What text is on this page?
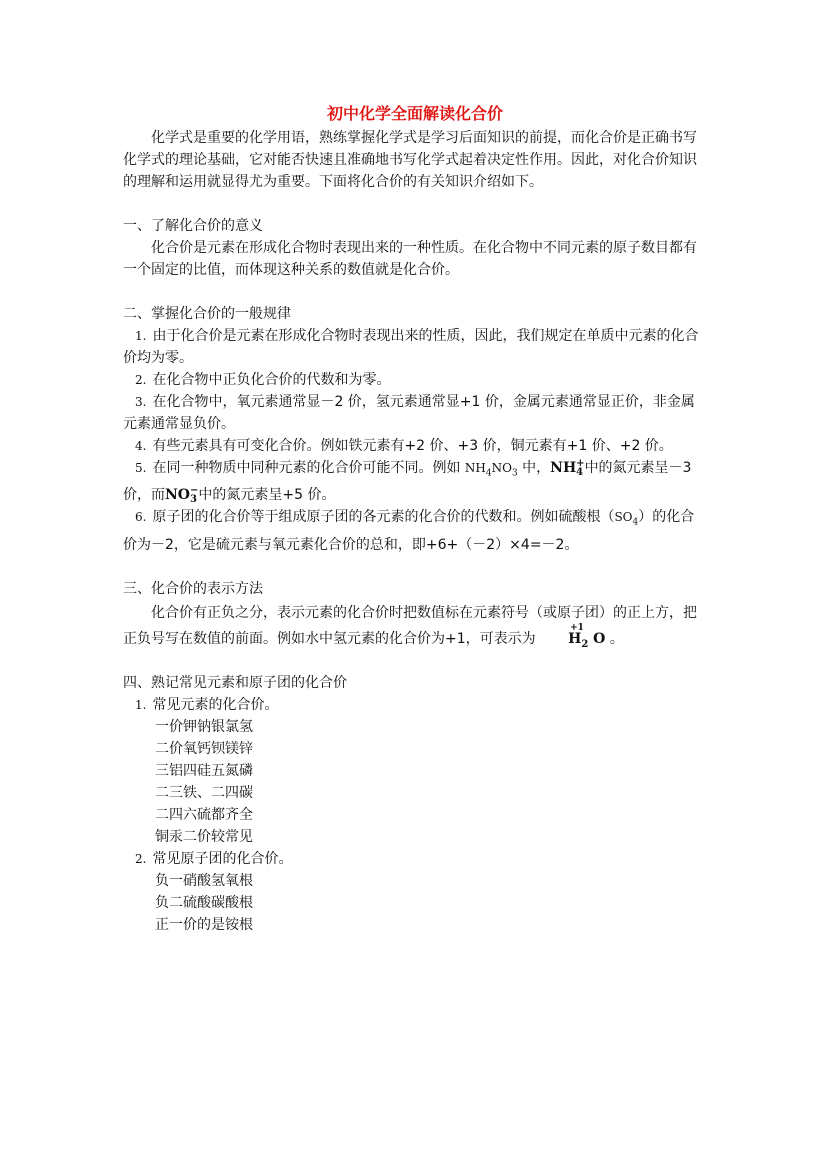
初中化学全面解读化合价

化学式是重要的化学用语，熟练掌握化学式是学习后面知识的前提，而化合价是正确书写化学式的理论基础，它对能否快速且准确地书写化学式起着决定性作用。因此，对化合价知识的理解和运用就显得尤为重要。下面将化合价的有关知识介绍如下。

一、了解化合价的意义

化合价是元素在形成化合物时表现出来的一种性质。在化合物中不同元素的原子数目都有一个固定的比值，而体现这种关系的数值就是化合价。

二、掌握化合价的一般规律

1. 由于化合价是元素在形成化合物时表现出来的性质，因此，我们规定在单质中元素的化合价均为零。

2. 在化合物中正负化合价的代数和为零。

3. 在化合物中，氧元素通常显－2 价，氢元素通常显+1 价，金属元素通常显正价，非金属元素通常显负价。

4. 有些元素具有可变化合价。例如铁元素有+2 价、+3 价，铜元素有+1 价、+2 价。

5. 在同一种物质中同种元素的化合价可能不同。例如 $NH_4NO_3$ 中，NH +
4 中的氮元素呈－3 价，而NO −
3 中的氮元素呈+5 价。

6. 原子团的化合价等于组成原子团的各元素的化合价的代数和。例如硫酸根$(SO_4)$的化合价为－2，它是硫元素与氧元素化合价的总和，即+6+（－2）×4=－2。

三、化合价的表示方法

化合价有正负之分，表示元素的化合价时把数值标在元素符号（或原子团）的正上方，把正负号写在数值的前面。例如水中氢元素的化合价为+1，可表示为
+1
$H_2$ O 。

四、熟记常见元素和原子团的化合价

1. 常见元素的化合价。

一价钾钠银氯氢

二价氧钙钡镁锌

三铝四硅五氮磷

二三铁、二四碳

二四六硫都齐全

铜汞二价较常见

2. 常见原子团的化合价。

负一硝酸氢氧根

负二硫酸碳酸根

正一价的是铵根
